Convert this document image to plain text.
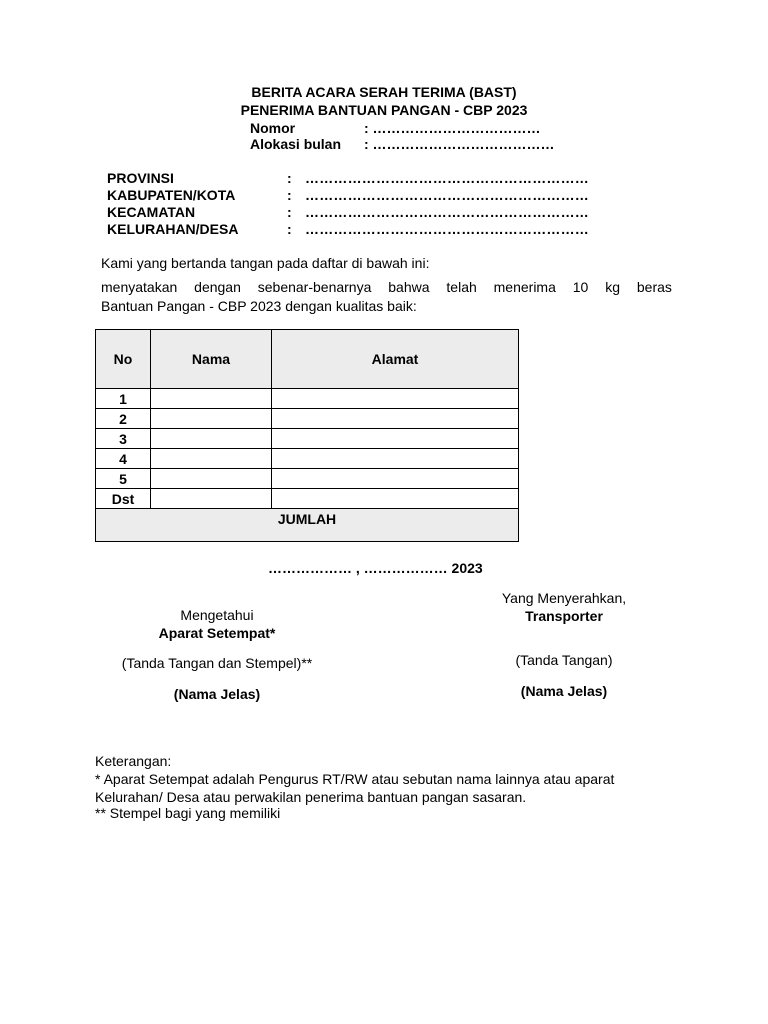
BERITA ACARA SERAH TERIMA (BAST)
PENERIMA BANTUAN PANGAN - CBP 2023
Nomor	: ………………………………
Alokasi bulan : …………………………………
PROVINSI	: ……………………………………………………
KABUPATEN/KOTA	: ……………………………………………………
KECAMATAN	: ……………………………………………………
KELURAHAN/DESA	: ……………………………………………………
Kami yang bertanda tangan pada daftar di bawah ini:
menyatakan dengan sebenar-benarnya bahwa telah menerima 10 kg beras
Bantuan Pangan - CBP 2023 dengan kualitas baik:
No	Nama	Alamat
1		
2		
3		
4		
5		
Dst		
JUMLAH		
……………… , ……………… 2023
Mengetahui
Aparat Setempat*
(Tanda Tangan dan Stempel)**
(Nama Jelas)
Yang Menyerahkan,
Transporter
(Tanda Tangan)
(Nama Jelas)
Keterangan:
* Aparat Setempat adalah Pengurus RT/RW atau sebutan nama lainnya atau aparat
Kelurahan/ Desa atau perwakilan penerima bantuan pangan sasaran.
** Stempel bagi yang memiliki
